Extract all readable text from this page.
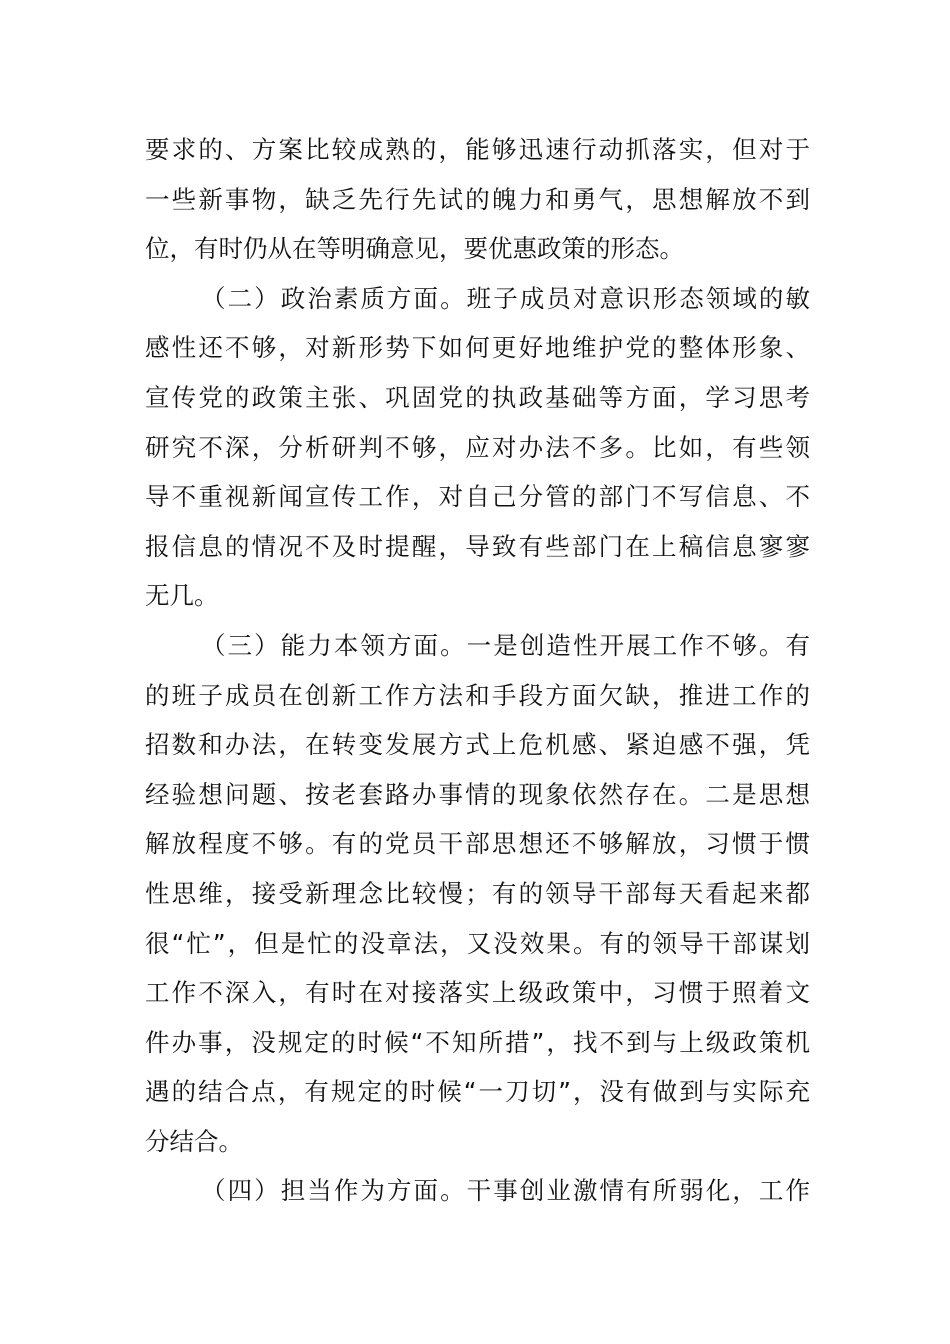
要求的、方案比较成熟的，能够迅速行动抓落实，但对于
一些新事物，缺乏先行先试的魄力和勇气，思想解放不到
位，有时仍从在等明确意见，要优惠政策的形态。
（二）政治素质方面。班子成员对意识形态领域的敏
感性还不够，对新形势下如何更好地维护党的整体形象、
宣传党的政策主张、巩固党的执政基础等方面，学习思考
研究不深，分析研判不够，应对办法不多。比如，有些领
导不重视新闻宣传工作，对自己分管的部门不写信息、不
报信息的情况不及时提醒，导致有些部门在上稿信息寥寥
无几。
（三）能力本领方面。一是创造性开展工作不够。有
的班子成员在创新工作方法和手段方面欠缺，推进工作的
招数和办法，在转变发展方式上危机感、紧迫感不强，凭
经验想问题、按老套路办事情的现象依然存在。二是思想
解放程度不够。有的党员干部思想还不够解放，习惯于惯
性思维，接受新理念比较慢；有的领导干部每天看起来都
很“忙”，但是忙的没章法，又没效果。有的领导干部谋划
工作不深入，有时在对接落实上级政策中，习惯于照着文
件办事，没规定的时候“不知所措”，找不到与上级政策机
遇的结合点，有规定的时候“一刀切”，没有做到与实际充
分结合。
（四）担当作为方面。干事创业激情有所弱化，工作
